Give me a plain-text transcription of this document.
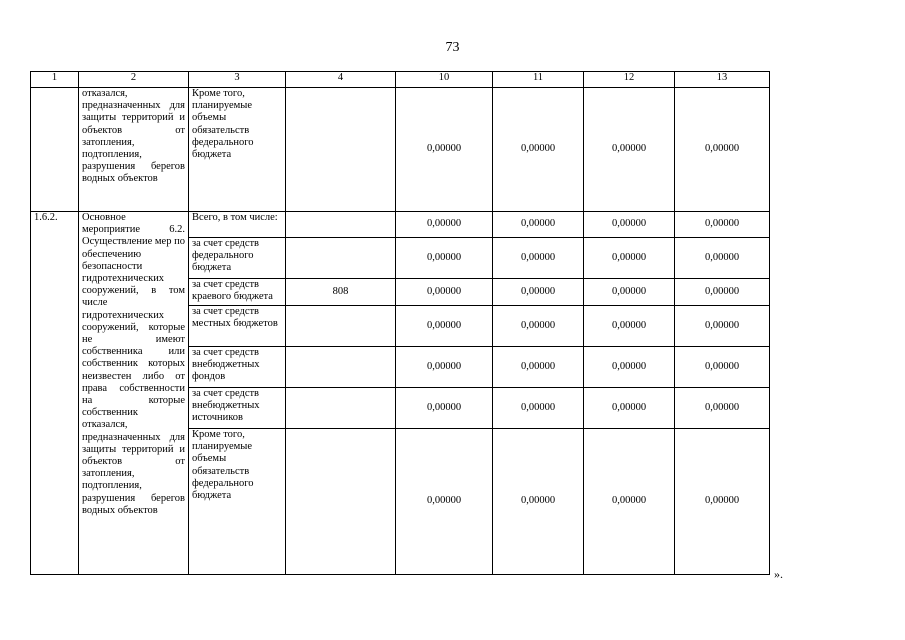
73
1	2	3	4	10	11	12	13
	отказался, предназначенных для защиты территорий и объектов от затопления, подтопления, разрушения берегов водных объектов	Кроме того, планируемые объемы обязательств федерального бюджета		0,00000	0,00000	0,00000	0,00000
1.6.2.	Основное мероприятие 6.2. Осуществление мер по обеспечению безопасности гидротехнических сооружений, в том числе гидротехнических сооружений, которые не имеют собственника или собственник которых неизвестен либо от права собственности на которые собственник отказался, предназначенных для защиты территорий и объектов от затопления, подтопления, разрушения берегов водных объектов	Всего, в том числе:		0,00000	0,00000	0,00000	0,00000
		за счет средств федерального бюджета		0,00000	0,00000	0,00000	0,00000
		за счет средств краевого бюджета	808	0,00000	0,00000	0,00000	0,00000
		за счет средств местных бюджетов		0,00000	0,00000	0,00000	0,00000
		за счет средств внебюджетных фондов		0,00000	0,00000	0,00000	0,00000
		за счет средств внебюджетных источников		0,00000	0,00000	0,00000	0,00000
		Кроме того, планируемые объемы обязательств федерального бюджета		0,00000	0,00000	0,00000	0,00000
».
